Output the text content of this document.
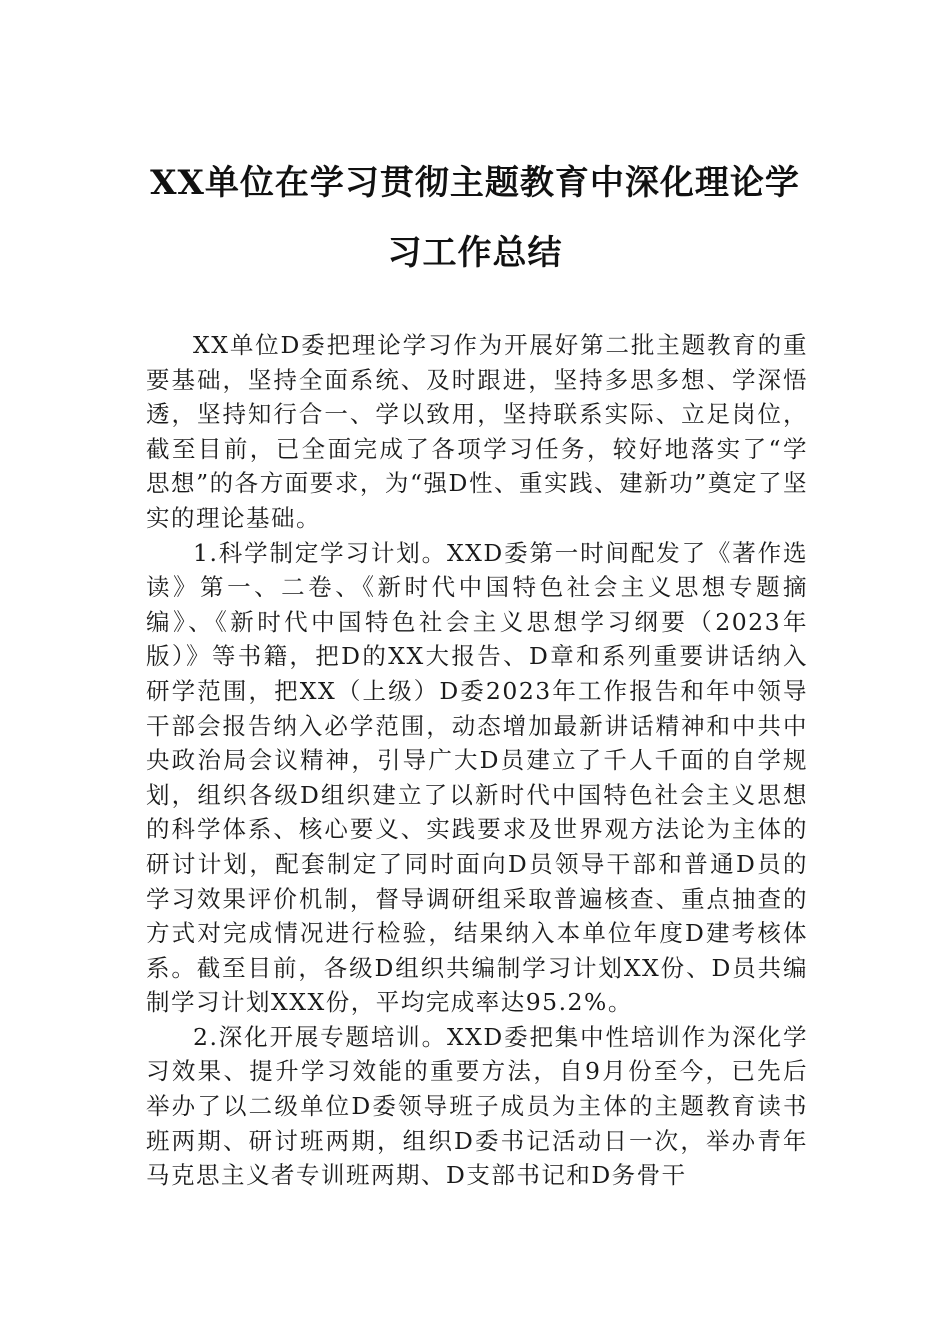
XX单位在学习贯彻主题教育中深化理论学习工作总结

XX单位D委把理论学习作为开展好第二批主题教育的重要基础，坚持全面系统、及时跟进，坚持多思多想、学深悟透，坚持知行合一、学以致用，坚持联系实际、立足岗位，截至目前，已全面完成了各项学习任务，较好地落实了“学思想”的各方面要求，为“强D性、重实践、建新功”奠定了坚实的理论基础。

1.科学制定学习计划。XXD委第一时间配发了《著作选读》第一、二卷、《新时代中国特色社会主义思想专题摘编》、《新时代中国特色社会主义思想学习纲要（2023年版）》等书籍，把D的XX大报告、D章和系列重要讲话纳入研学范围，把XX（上级）D委2023年工作报告和年中领导干部会报告纳入必学范围，动态增加最新讲话精神和中共中央政治局会议精神，引导广大D员建立了千人千面的自学规划，组织各级D组织建立了以新时代中国特色社会主义思想的科学体系、核心要义、实践要求及世界观方法论为主体的研讨计划，配套制定了同时面向D员领导干部和普通D员的学习效果评价机制，督导调研组采取普遍核查、重点抽查的方式对完成情况进行检验，结果纳入本单位年度D建考核体系。截至目前，各级D组织共编制学习计划XX份、D员共编制学习计划XXX份，平均完成率达95.2%。

2.深化开展专题培训。XXD委把集中性培训作为深化学习效果、提升学习效能的重要方法，自9月份至今，已先后举办了以二级单位D委领导班子成员为主体的主题教育读书班两期、研讨班两期，组织D委书记活动日一次，举办青年马克思主义者专训班两期、D支部书记和D务骨干
